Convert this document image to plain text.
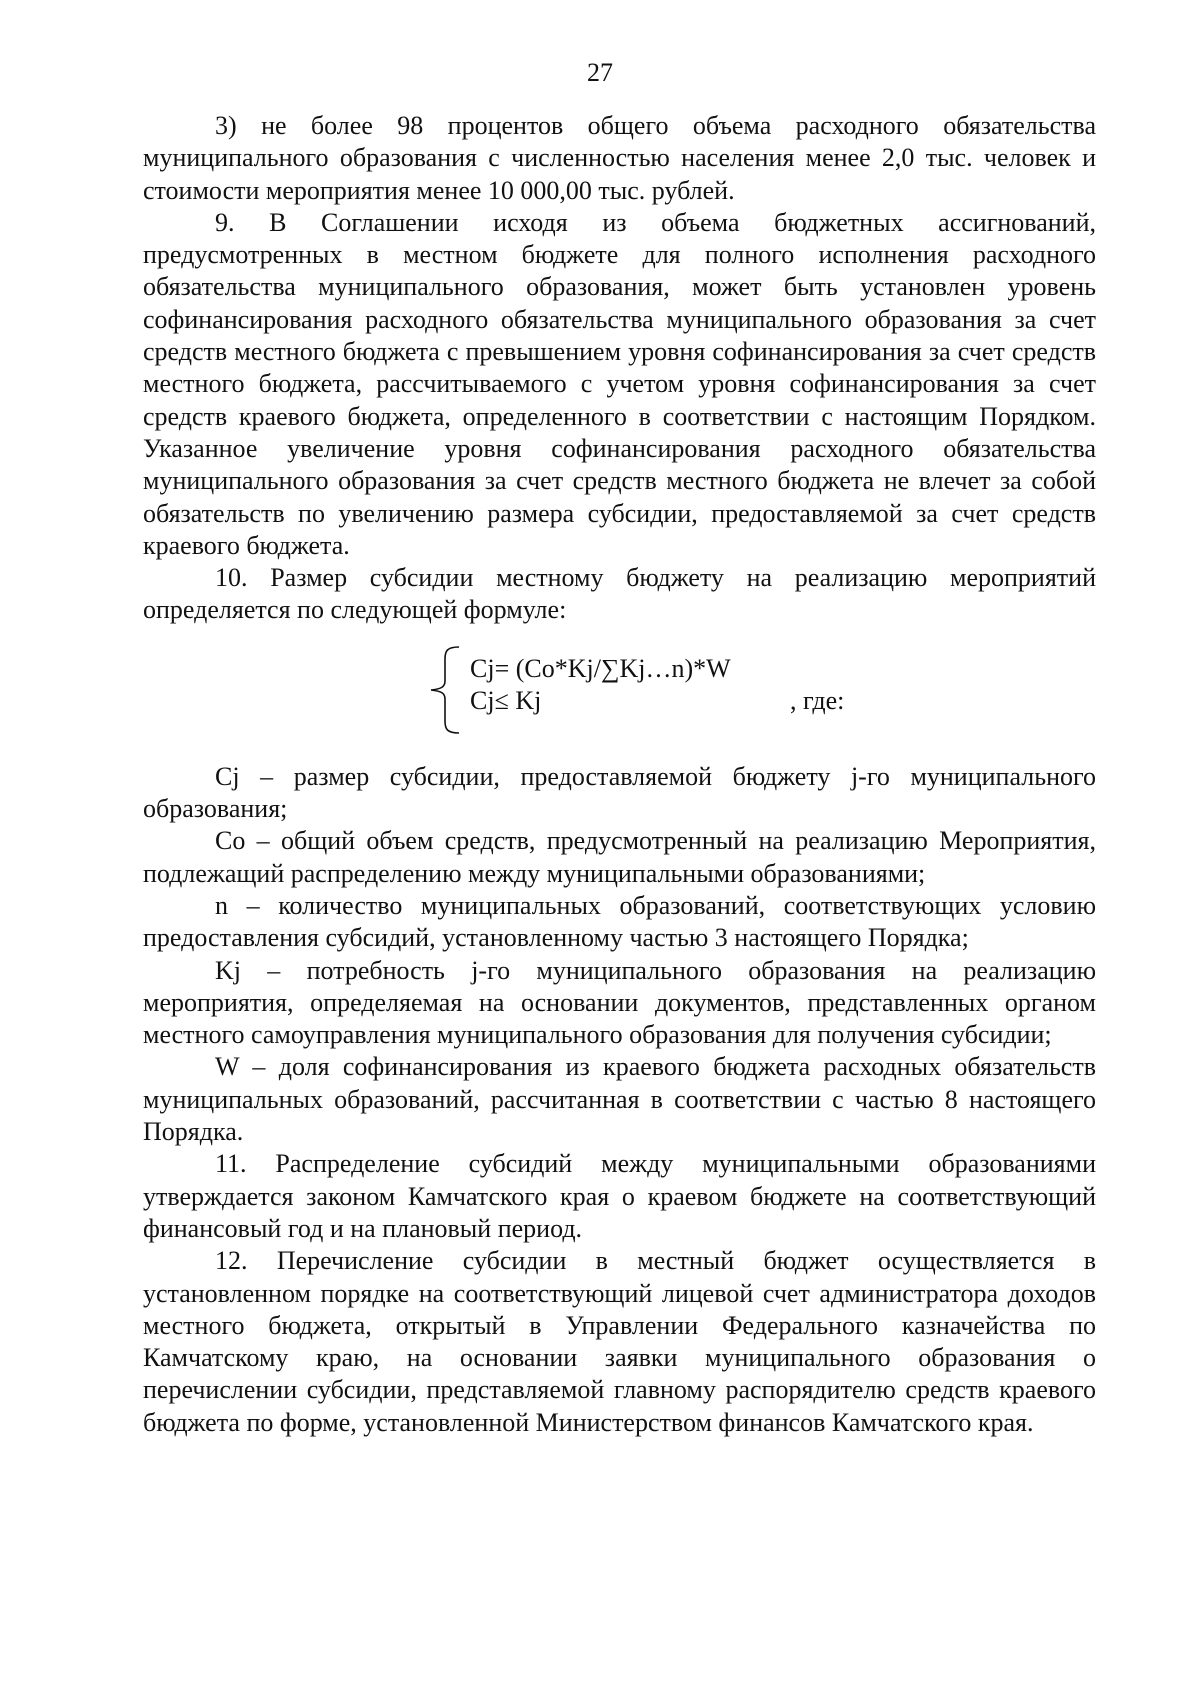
27

3) не более 98 процентов общего объема расходного обязательства муниципального образования с численностью населения менее 2,0 тыс. человек и стоимости мероприятия менее 10 000,00 тыс. рублей.

9. В Соглашении исходя из объема бюджетных ассигнований, предусмотренных в местном бюджете для полного исполнения расходного обязательства муниципального образования, может быть установлен уровень софинансирования расходного обязательства муниципального образования за счет средств местного бюджета с превышением уровня софинансирования за счет средств местного бюджета, рассчитываемого с учетом уровня софинансирования за счет средств краевого бюджета, определенного в соответствии с настоящим Порядком. Указанное увеличение уровня софинансирования расходного обязательства муниципального образования за счет средств местного бюджета не влечет за собой обязательств по увеличению размера субсидии, предоставляемой за счет средств краевого бюджета.

10. Размер субсидии местному бюджету на реализацию мероприятий определяется по следующей формуле:

Cj= (Co*Kj/∑Kj…n)*W
Cj≤ Kj	, где:

Cj – размер субсидии, предоставляемой бюджету j-го муниципального образования;

Co – общий объем средств, предусмотренный на реализацию Мероприятия, подлежащий распределению между муниципальными образованиями;

n – количество муниципальных образований, соответствующих условию предоставления субсидий, установленному частью 3 настоящего Порядка;

Kj – потребность j-го муниципального образования на реализацию мероприятия, определяемая на основании документов, представленных органом местного самоуправления муниципального образования для получения субсидии;

W – доля софинансирования из краевого бюджета расходных обязательств муниципальных образований, рассчитанная в соответствии с частью 8 настоящего Порядка.

11. Распределение субсидий между муниципальными образованиями утверждается законом Камчатского края о краевом бюджете на соответствующий финансовый год и на плановый период.

12. Перечисление субсидии в местный бюджет осуществляется в установленном порядке на соответствующий лицевой счет администратора доходов местного бюджета, открытый в Управлении Федерального казначейства по Камчатскому краю, на основании заявки муниципального образования о перечислении субсидии, представляемой главному распорядителю средств краевого бюджета по форме, установленной Министерством финансов Камчатского края.
